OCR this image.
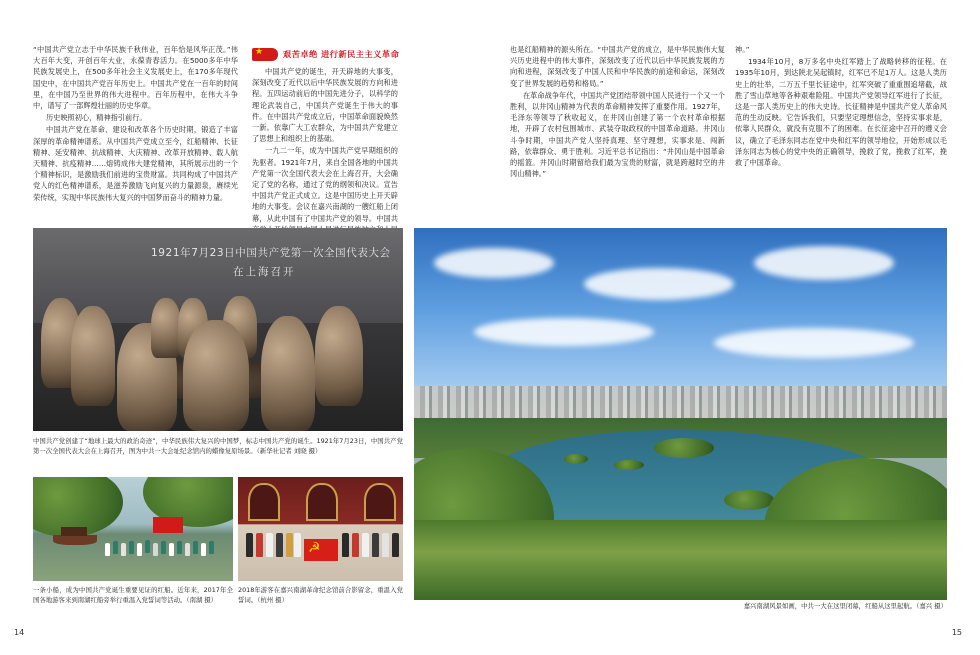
“中国共产党立志于中华民族千秋伟业，百年恰是风华正茂。”伟大百年大变，开创百年大业，永葆青春活力。在5000多年中华民族发展史上，在500多年社会主义发展史上，在170多年现代国史中，在中国共产党百年历史上。中国共产党在一百年的时间里，在中国乃至世界的伟大进程中。百年历程中，在伟大斗争中，谱写了一部辉煌壮丽的历史华章。

历史映照初心，精神指引前行。

中国共产党在革命、建设和改革各个历史时期，锻造了丰富深厚的革命精神谱系。从中国共产党成立至今，红船精神、长征精神、延安精神、抗战精神、大庆精神、改革开放精神、载人航天精神、抗疫精神……熔铸成伟大建党精神，其所展示出的一个个精神标识，是激励我们前进的宝贵财富。共同构成了中国共产党人的红色精神谱系，是滋养激励飞向复兴的力量源泉，赓续光荣传统，实现中华民族伟大复兴的中国梦而奋斗的精神力量。

★
艰苦卓绝 进行新民主主义革命

中国共产党的诞生，开天辟地的大事变，深刻改变了近代以后中华民族发展的方向和进程。五四运动前后的中国先进分子，以科学的理论武装自己，中国共产党诞生于伟大的事件。在中国共产党成立后，中国革命面貌焕然一新。依靠广大工农群众，为中国共产党建立了思想上和组织上的基础。

一九二一年，成为中国共产党早期组织的先驱者。1921年7月，来自全国各地的中国共产党第一次全国代表大会在上海召开，大会确定了党的名称，通过了党的纲领和决议。宣告中国共产党正式成立。这是中国历史上开天辟地的大事变。会议在嘉兴南湖的一艘红船上闭幕，从此中国有了中国共产党的领导。中国共

也是红船精神的源头所在。“中国共产党的成立，是中华民族伟大复兴历史进程中的伟大事件，深刻改变了近代以后中华民族发展的方向和进程，深刻改变了中国人民和中华民族的前途和命运，深刻改变了世界发展的趋势和格局。”

在革命战争年代，中国共产党团结带领中国人民进行一个又一个胜利，以井冈山精神为代表的革命精神发挥了重要作用。1927年，毛泽东等领导了秋收起义，在井冈山创建了第一个农村革命根据地，开辟了农村包围城市、武装夺取政权的中国革命道路。井冈山斗争时期，中国共产党人坚持真理、坚守理想，实事求是、闯新路，依靠群众、勇于胜利。习近平总书记指出：“井冈山是中国革命的摇篮。井冈山时期留给我们最为宝贵的财富，就是跨越时空的井冈山精神。”

神。”

1934年10月，8万多名中央红军踏上了战略转移的征程。在1935年10月，到达陕北吴起镇时，红军已不足1万人。这是人类历史上的壮举，二万五千里长征途中，红军突破了重重围追堵截，战胜了雪山草地等各种艰难险阻。中国共产党领导红军进行了长征，这是一部人类历史上的伟大史诗。长征精神是中国共产党人革命风范的生动反映。它告诉我们，只要坚定理想信念，坚持实事求是，依靠人民群众，就没有克服不了的困难。在长征途中召开的遵义会议，确立了毛泽东同志在党中央和红军的领导地位，开始形成以毛泽东同志为核心的党中央的正确领导，挽救了党，挽救了红军，挽救了中国革命。

1921年7月23日中国共产党第一次全国代表大会
在上海召开
中国共产党创建了“地球上最大的政治奇迹”，中华民族伟大复兴的中国梦，标志中国共产党的诞生。1921年7月23日，中国共产党第一次全国代表大会在上海召开，图为中共一大会址纪念馆内的蜡像复原场景。（新华社记者 刘晓 摄）
一条小船，成为中国共产党诞生重要见证的红船。近年来，2017年全国各地游客来到南湖红船旁举行重温入党誓词等活动。（南湖 摄）
☭
2018年游客在嘉兴南湖革命纪念馆前合影留念，重温入党誓词。（杭州 摄）
嘉兴南湖风景如画，中共一大在这里闭幕，红船从这里起航。（嘉兴 摄）
14	15
